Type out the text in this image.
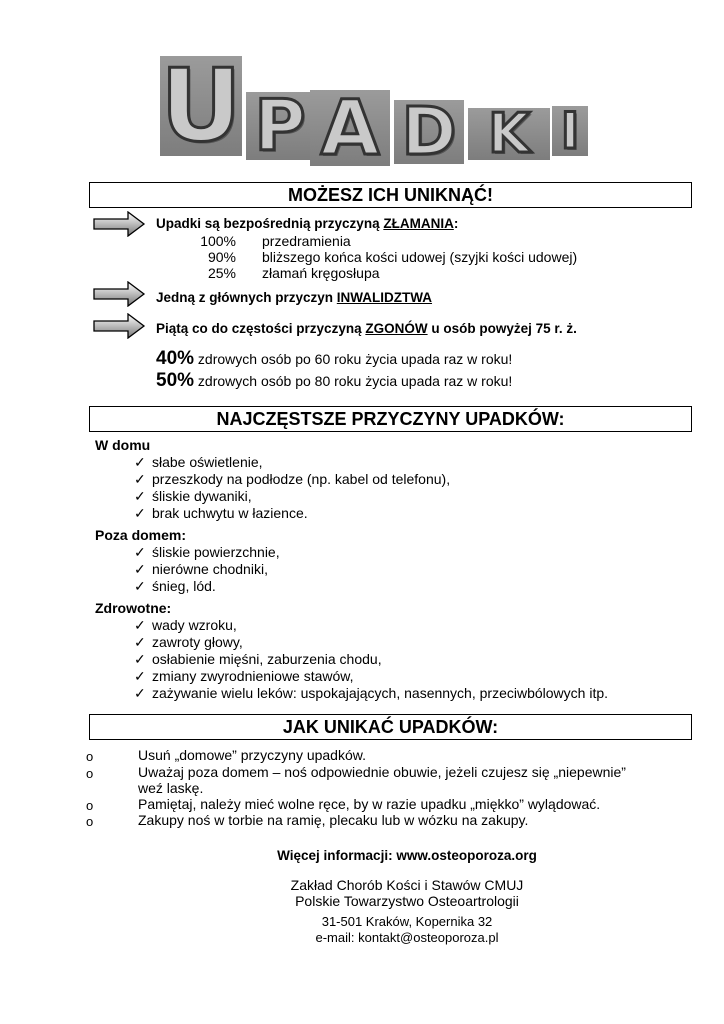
U P A D K I
MOŻESZ ICH UNIKNĄĆ!
Upadki są bezpośrednią przyczyną ZŁAMANIA:
100% przedramienia
90% bliższego końca kości udowej (szyjki kości udowej)
25% złamań kręgosłupa
Jedną z głównych przyczyn INWALIDZTWA
Piątą co do częstości przyczyną ZGONÓW u osób powyżej 75 r. ż.
40% zdrowych osób po 60 roku życia upada raz w roku!
50% zdrowych osób po 80 roku życia upada raz w roku!
NAJCZĘSTSZE PRZYCZYNY UPADKÓW:
W domu
✓ słabe oświetlenie,
✓ przeszkody na podłodze (np. kabel od telefonu),
✓ śliskie dywaniki,
✓ brak uchwytu w łazience.
Poza domem:
✓ śliskie powierzchnie,
✓ nierówne chodniki,
✓ śnieg, lód.
Zdrowotne:
✓ wady wzroku,
✓ zawroty głowy,
✓ osłabienie mięśni, zaburzenia chodu,
✓ zmiany zwyrodnieniowe stawów,
✓ zażywanie wielu leków: uspokajających, nasennych, przeciwbólowych itp.
JAK UNIKAĆ UPADKÓW:
o	Usuń „domowe” przyczyny upadków.
o	Uważaj poza domem – noś odpowiednie obuwie, jeżeli czujesz się „niepewnie”
weź laskę.
o	Pamiętaj, należy mieć wolne ręce, by w razie upadku „miękko” wylądować.
o	Zakupy noś w torbie na ramię, plecaku lub w wózku na zakupy.
Więcej informacji: www.osteoporoza.org
Zakład Chorób Kości i Stawów CMUJ
Polskie Towarzystwo Osteoartrologii
31-501 Kraków, Kopernika 32
e-mail: kontakt@osteoporoza.pl
